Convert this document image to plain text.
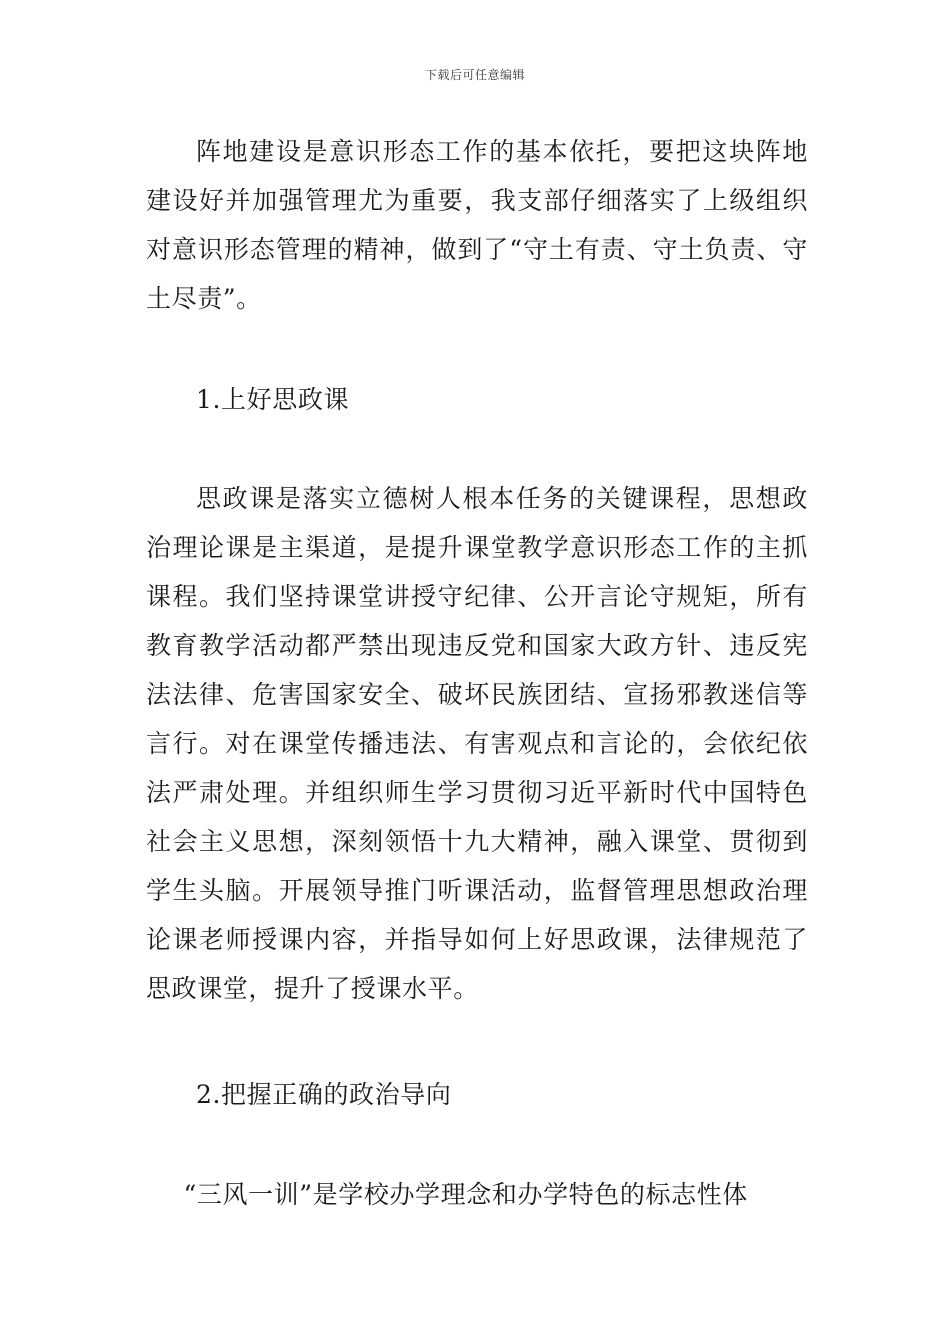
下载后可任意编辑

阵地建设是意识形态工作的基本依托，要把这块阵地建设好并加强管理尤为重要，我支部仔细落实了上级组织对意识形态管理的精神，做到了“守土有责、守土负责、守土尽责”。

1.上好思政课

思政课是落实立德树人根本任务的关键课程，思想政治理论课是主渠道，是提升课堂教学意识形态工作的主抓课程。我们坚持课堂讲授守纪律、公开言论守规矩，所有教育教学活动都严禁出现违反党和国家大政方针、违反宪法法律、危害国家安全、破坏民族团结、宣扬邪教迷信等言行。对在课堂传播违法、有害观点和言论的，会依纪依法严肃处理。并组织师生学习贯彻习近平新时代中国特色社会主义思想，深刻领悟十九大精神，融入课堂、贯彻到学生头脑。开展领导推门听课活动，监督管理思想政治理论课老师授课内容，并指导如何上好思政课，法律规范了思政课堂，提升了授课水平。

2.把握正确的政治导向

“三风一训”是学校办学理念和办学特色的标志性体
